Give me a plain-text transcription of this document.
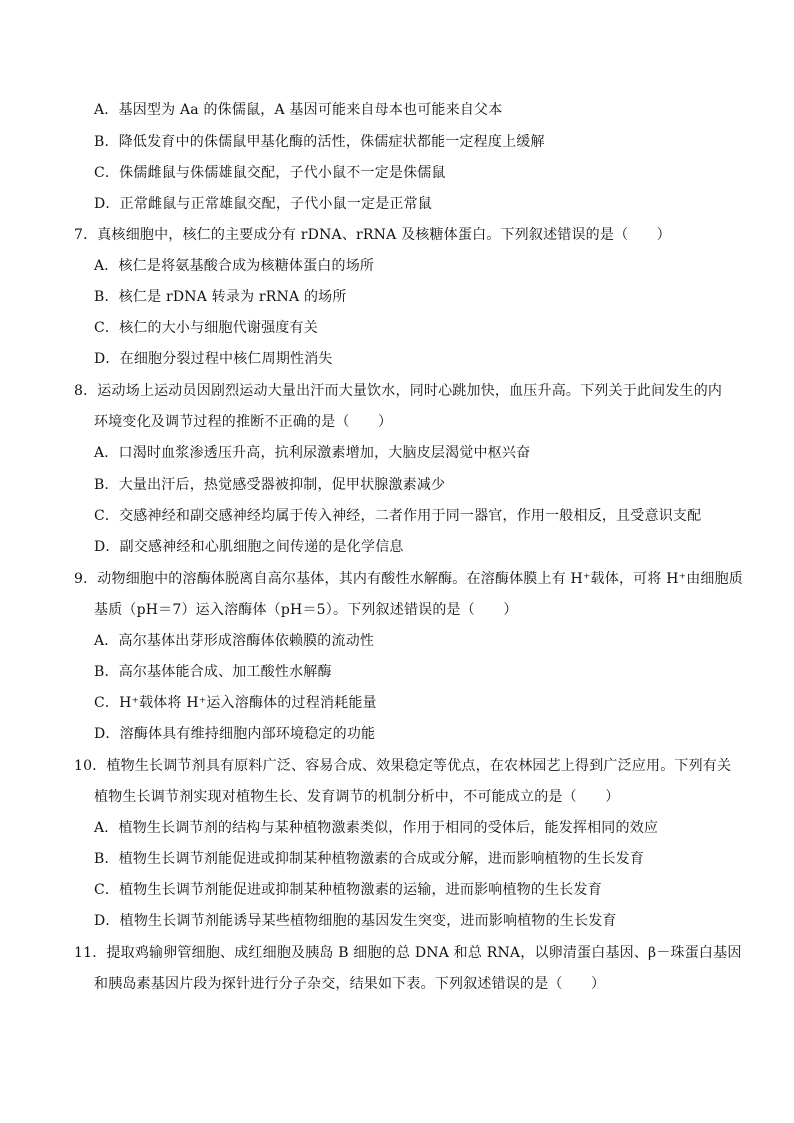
A．基因型为 Aa 的侏儒鼠，A 基因可能来自母本也可能来自父本
B．降低发育中的侏儒鼠甲基化酶的活性，侏儒症状都能一定程度上缓解
C．侏儒雌鼠与侏儒雄鼠交配，子代小鼠不一定是侏儒鼠
D．正常雌鼠与正常雄鼠交配，子代小鼠一定是正常鼠
7．真核细胞中，核仁的主要成分有 rDNA、rRNA 及核糖体蛋白。下列叙述错误的是（　　）
A．核仁是将氨基酸合成为核糖体蛋白的场所
B．核仁是 rDNA 转录为 rRNA 的场所
C．核仁的大小与细胞代谢强度有关
D．在细胞分裂过程中核仁周期性消失
8．运动场上运动员因剧烈运动大量出汗而大量饮水，同时心跳加快，血压升高。下列关于此间发生的内
环境变化及调节过程的推断不正确的是（　　）
A．口渴时血浆渗透压升高，抗利尿激素增加，大脑皮层渴觉中枢兴奋
B．大量出汗后，热觉感受器被抑制，促甲状腺激素减少
C．交感神经和副交感神经均属于传入神经，二者作用于同一器官，作用一般相反，且受意识支配
D．副交感神经和心肌细胞之间传递的是化学信息
9．动物细胞中的溶酶体脱离自高尔基体，其内有酸性水解酶。在溶酶体膜上有 H⁺载体，可将 H⁺由细胞质
基质（pH＝7）运入溶酶体（pH＝5）。下列叙述错误的是（　　）
A．高尔基体出芽形成溶酶体依赖膜的流动性
B．高尔基体能合成、加工酸性水解酶
C．H⁺载体将 H⁺运入溶酶体的过程消耗能量
D．溶酶体具有维持细胞内部环境稳定的功能
10．植物生长调节剂具有原料广泛、容易合成、效果稳定等优点，在农林园艺上得到广泛应用。下列有关
植物生长调节剂实现对植物生长、发育调节的机制分析中，不可能成立的是（　　）
A．植物生长调节剂的结构与某种植物激素类似，作用于相同的受体后，能发挥相同的效应
B．植物生长调节剂能促进或抑制某种植物激素的合成或分解，进而影响植物的生长发育
C．植物生长调节剂能促进或抑制某种植物激素的运输，进而影响植物的生长发育
D．植物生长调节剂能诱导某些植物细胞的基因发生突变，进而影响植物的生长发育
11．提取鸡输卵管细胞、成红细胞及胰岛 B 细胞的总 DNA 和总 RNA，以卵清蛋白基因、β－珠蛋白基因
和胰岛素基因片段为探针进行分子杂交，结果如下表。下列叙述错误的是（　　）
